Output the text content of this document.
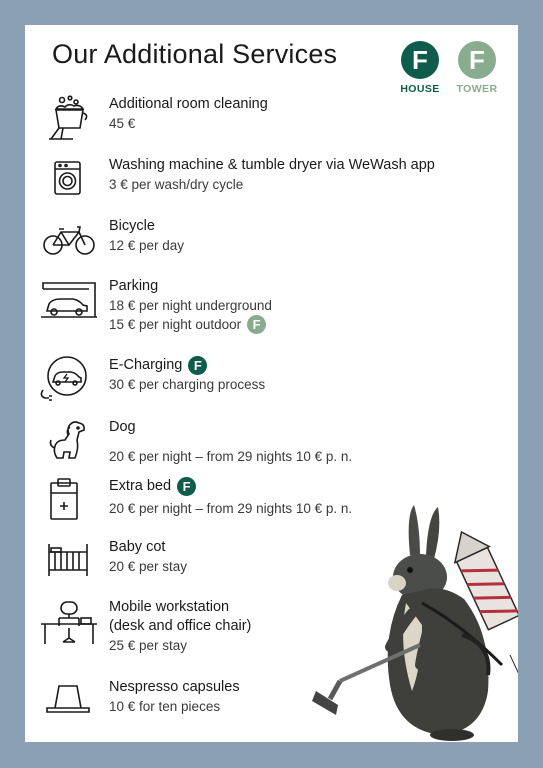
Our Additional Services	F
HOUSE
F
TOWER
Additional room cleaning
45 €
Washing machine & tumble dryer via WeWash app
3 € per wash/dry cycle
Bicycle
12 € per day
Parking
18 € per night underground
15 € per night outdoor F
E-Charging F
30 € per charging process
Dog
20 € per night – from 29 nights 10 € p. n.
Extra bed F
20 € per night – from 29 nights 10 € p. n.
Baby cot
20 € per stay
Mobile workstation
(desk and office chair)
25 € per stay
Nespresso capsules
10 € for ten pieces
